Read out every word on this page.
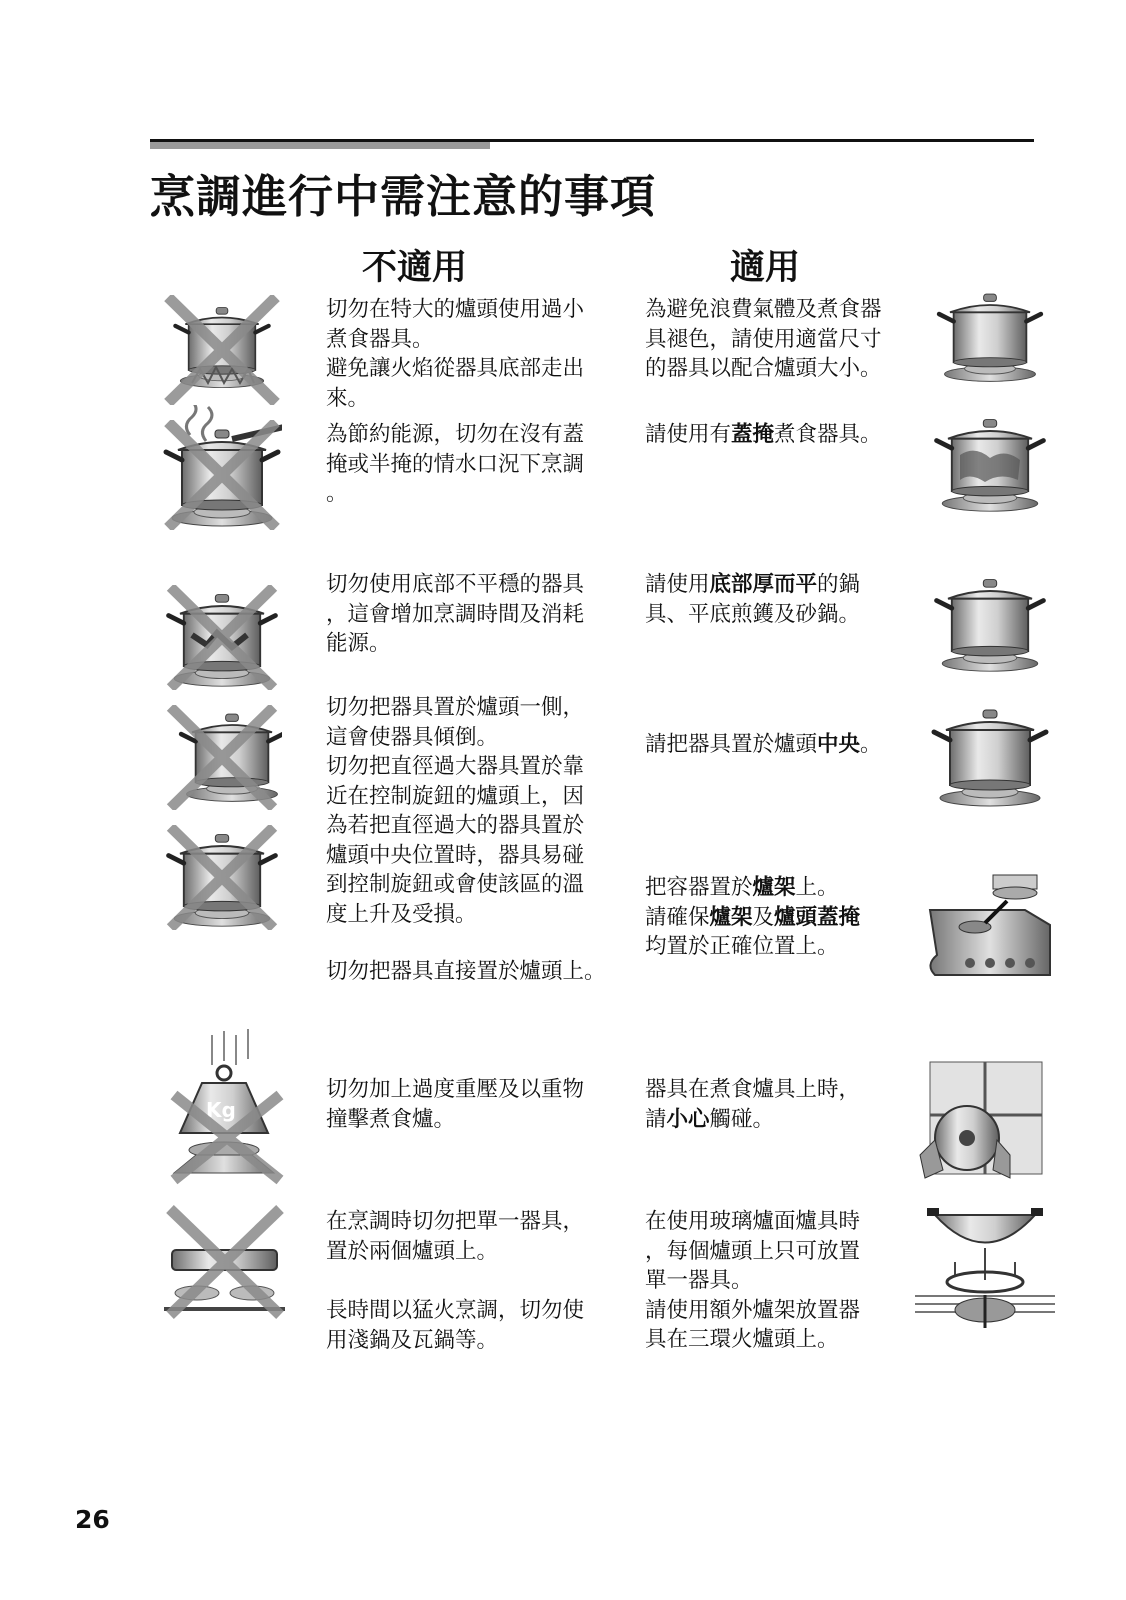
烹調進行中需注意的事項
不適用	適用
Kg
切勿在特大的爐頭使用過小
煮食器具。
避免讓火焰從器具底部走出
來。
為節約能源，切勿在沒有蓋
掩或半掩的情水口況下烹調
。
切勿使用底部不平穩的器具
，這會增加烹調時間及消耗
能源。
切勿把器具置於爐頭一側，
這會使器具傾倒。
切勿把直徑過大器具置於靠
近在控制旋鈕的爐頭上，因
為若把直徑過大的器具置於
爐頭中央位置時，器具易碰
到控制旋鈕或會使該區的溫
度上升及受損。
切勿把器具直接置於爐頭上。
切勿加上過度重壓及以重物
撞擊煮食爐。
在烹調時切勿把單一器具，
置於兩個爐頭上。
長時間以猛火烹調，切勿使
用淺鍋及瓦鍋等。
為避免浪費氣體及煮食器
具褪色，請使用適當尺寸
的器具以配合爐頭大小。
請使用有蓋掩煮食器具。
請使用底部厚而平的鍋
具、平底煎鑊及砂鍋。
請把器具置於爐頭中央。
把容器置於爐架上。
請確保爐架及爐頭蓋掩
均置於正確位置上。
器具在煮食爐具上時，
請小心觸碰。
在使用玻璃爐面爐具時
，每個爐頭上只可放置
單一器具。
請使用額外爐架放置器
具在三環火爐頭上。
26
